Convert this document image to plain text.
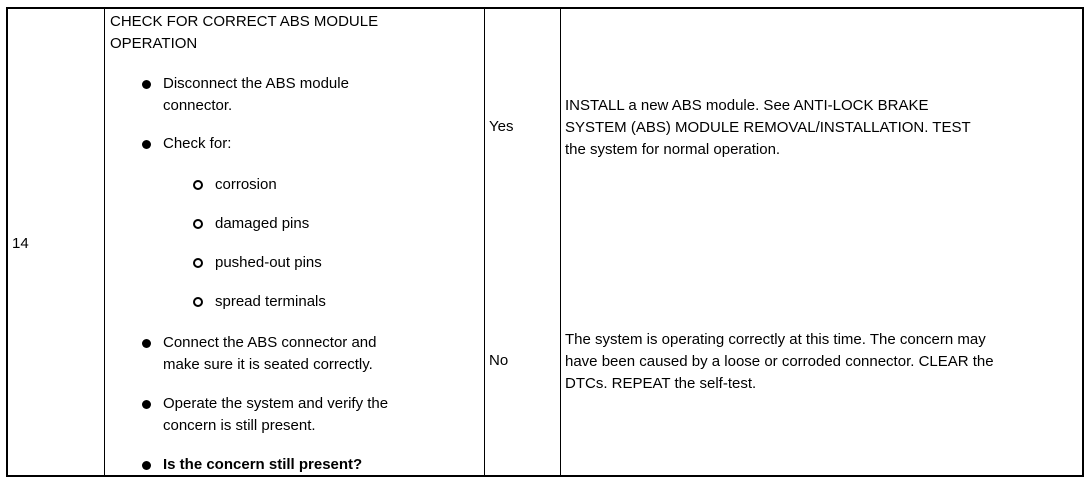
14
CHECK FOR CORRECT ABS MODULE
OPERATION
Disconnect the ABS module
connector.
Check for:
corrosion
damaged pins
pushed-out pins
spread terminals
Connect the ABS connector and
make sure it is seated correctly.
Operate the system and verify the
concern is still present.
Is the concern still present?
Yes
INSTALL a new ABS module. See ANTI-LOCK BRAKE
SYSTEM (ABS) MODULE REMOVAL/INSTALLATION. TEST
the system for normal operation.
No
The system is operating correctly at this time. The concern may
have been caused by a loose or corroded connector. CLEAR the
DTCs. REPEAT the self-test.
